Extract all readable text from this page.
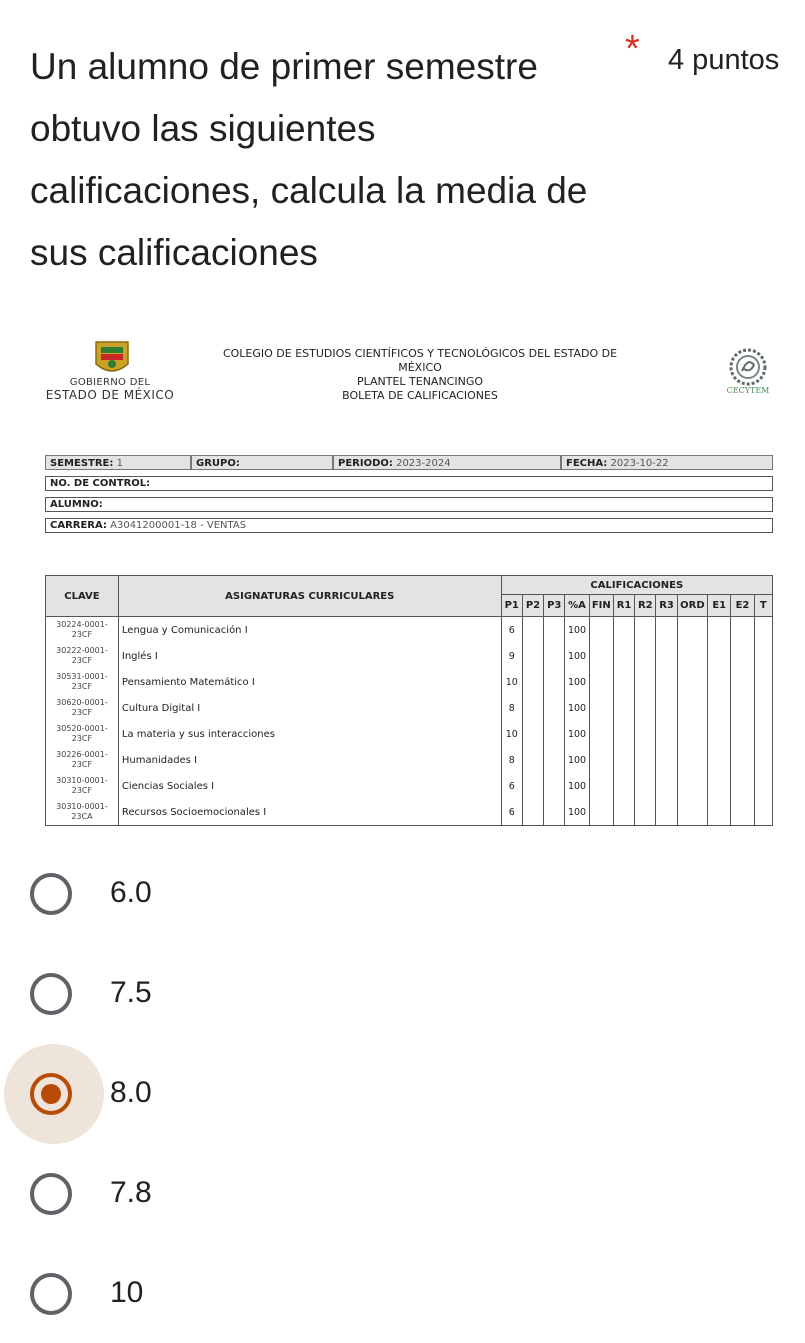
Un alumno de primer semestre obtuvo las siguientes calificaciones, calcula la media de sus calificaciones
* 4 puntos
GOBIERNO DEL
ESTADO DE MÉXICO
COLEGIO DE ESTUDIOS CIENTÍFICOS Y TECNOLÓGICOS DEL ESTADO DE MÉXICO
PLANTEL TENANCINGO
BOLETA DE CALIFICACIONES	CECYTEM
SEMESTRE: 1	GRUPO:	PERIODO: 2023-2024	FECHA: 2023-10-22
NO. DE CONTROL:
ALUMNO:
CARRERA: A3041200001-18 - VENTAS
CLAVE	ASIGNATURAS CURRICULARES	CALIFICACIONES											
		P1	P2	P3	%A	FIN	R1	R2	R3	ORD	E1	E2	T

30224-0001-
23CF	Lengua y Comunicación I	6			100								

30222-0001-
23CF	Inglés I	9			100								

30531-0001-
23CF	Pensamiento Matemático I	10			100								

30620-0001-
23CF	Cultura Digital I	8			100								

30520-0001-
23CF	La materia y sus interacciones	10			100								

30226-0001-
23CF	Humanidades I	8			100								

30310-0001-
23CF	Ciencias Sociales I	6			100								

30310-0001-
23CA	Recursos Socioemocionales I	6			100								
6.0
7.5
8.0
7.8
10
